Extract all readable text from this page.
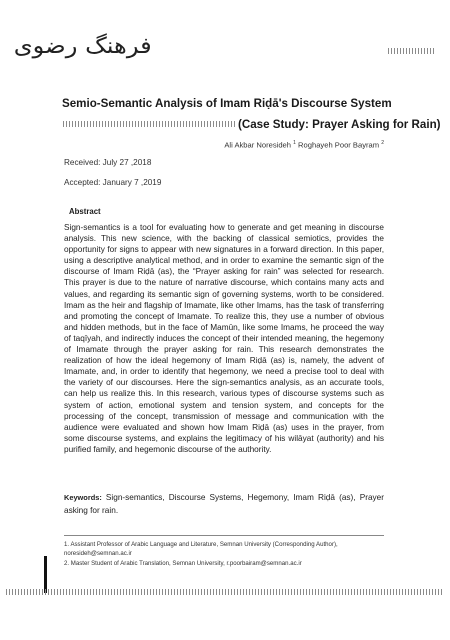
فرهنگ رضوی
Semio-Semantic Analysis of Imam Riḍā's Discourse System
(Case Study: Prayer Asking for Rain)
Ali Akbar Noresideh $^1$ Roghayeh Poor Bayram $^2$
Received: July 27 ,2018
Accepted: January 7 ,2019
Abstract

Sign-semantics is a tool for evaluating how to generate and get meaning in discourse analysis. This new science, with the backing of classical semiotics, provides the opportunity for signs to appear with new signatures in a forward direction. In this paper, using a descriptive analytical method, and in order to examine the semantic sign of the discourse of Imam Riḍā (as), the “Prayer asking for rain” was selected for research. This prayer is due to the nature of narrative discourse, which contains many acts and values, and regarding its semantic sign of governing systems, worth to be considered. Imam as the heir and flagship of Imamate, like other Imams, has the task of transferring and promoting the concept of Imamate. To realize this, they use a number of obvious and hidden methods, but in the face of Mamūn, like some Imams, he proceed the way of taqīyah, and indirectly induces the concept of their intended meaning, the hegemony of Imamate through the prayer asking for rain. This research demonstrates the realization of how the ideal hegemony of Imam Riḍā (as) is, namely, the advent of Imamate, and, in order to identify that hegemony, we need a precise tool to deal with the variety of our discourses. Here the sign-semantics analysis, as an accurate tools, can help us realize this. In this research, various types of discourse systems such as system of action, emotional system and tension system, and concepts for the processing of the concept, transmission of message and communication with the audience were evaluated and shown how Imam Riḍā (as) uses in the prayer, from some discourse systems, and explains the legitimacy of his wilāyat (authority) and his purified family, and hegemonic discourse of the authority.

Keywords: Sign-semantics, Discourse Systems, Hegemony, Imam Riḍā (as), Prayer asking for rain.

1. Assistant Professor of Arabic Language and Literature, Semnan University (Corresponding Author), noresideh@semnan.ac.ir
2. Master Student of Arabic Translation, Semnan University, r.poorbairam@semnan.ac.ir
